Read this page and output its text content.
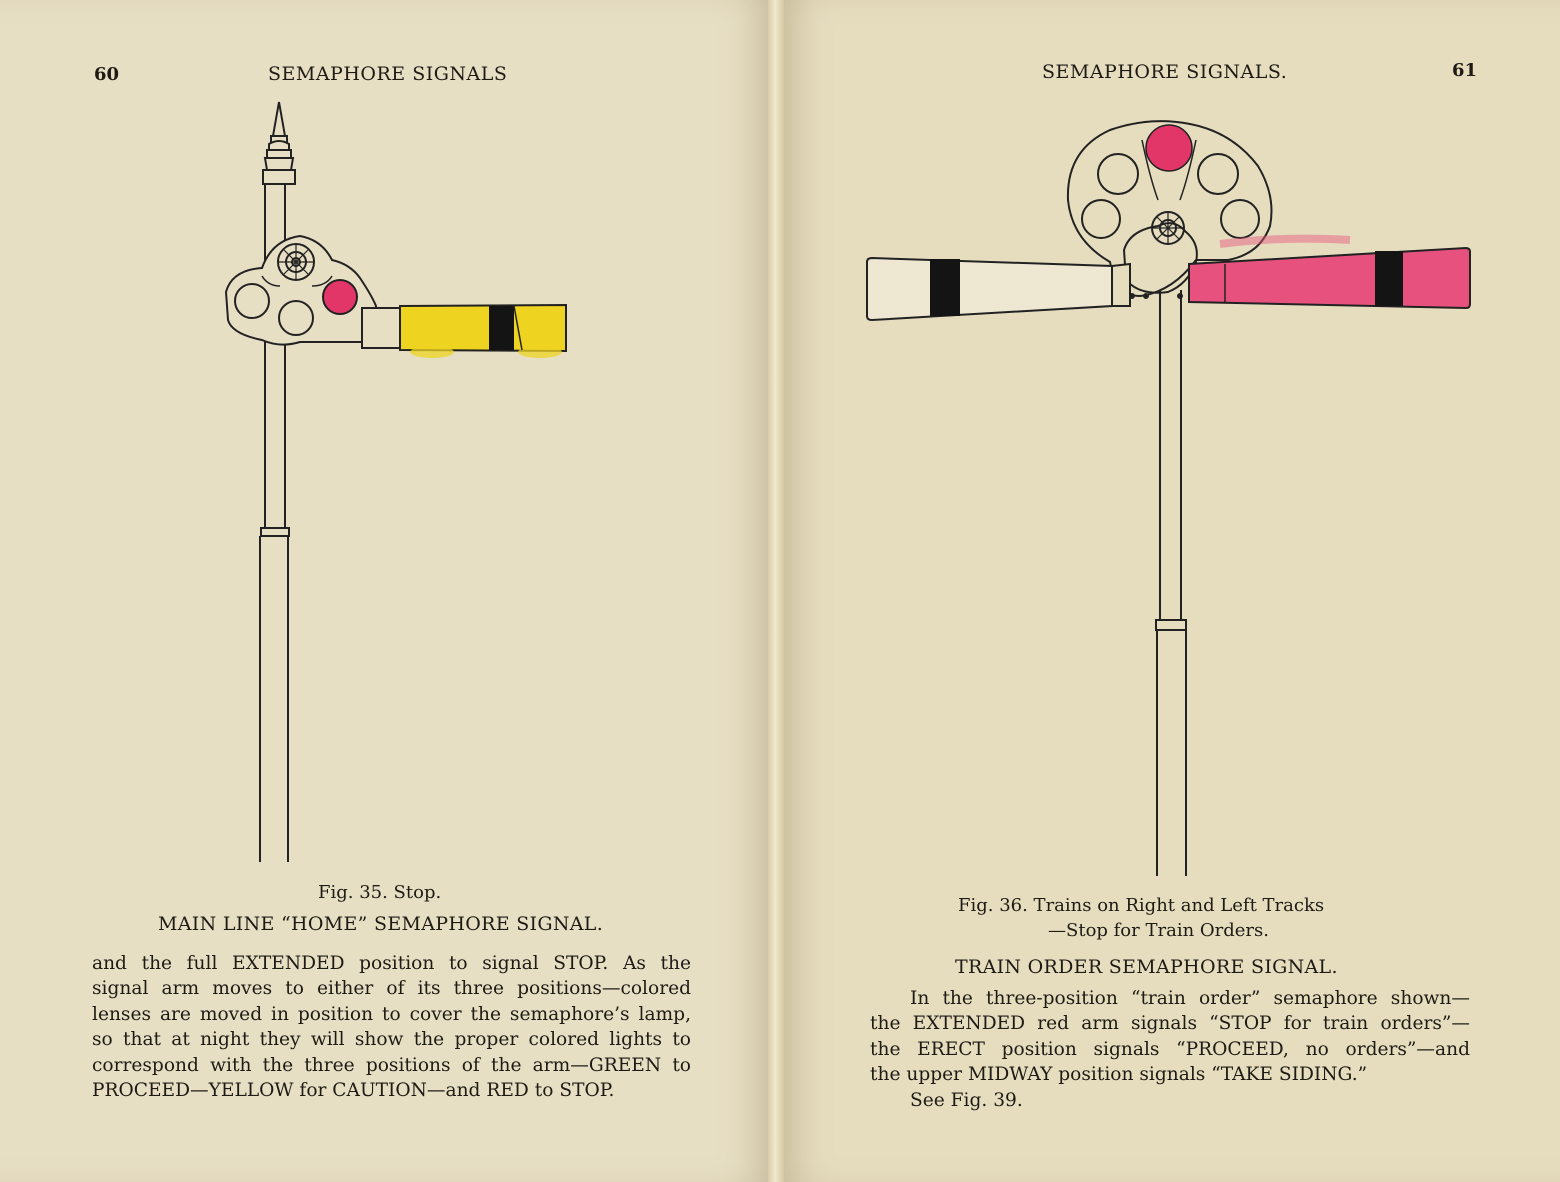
60	SEMAPHORE SIGNALS
Fig. 35. Stop.
MAIN LINE “HOME” SEMAPHORE SIGNAL.
and the full EXTENDED position to signal STOP. As the
signal arm moves to either of its three positions—colored
lenses are moved in position to cover the semaphore’s lamp,
so that at night they will show the proper colored lights to
correspond with the three positions of the arm—GREEN to
PROCEED—YELLOW for CAUTION—and RED to STOP.
SEMAPHORE SIGNALS.	61
Fig. 36. Trains on Right and Left Tracks
—Stop for Train Orders.
TRAIN ORDER SEMAPHORE SIGNAL.
In the three-position “train order” semaphore shown—
the EXTENDED red arm signals “STOP for train orders”—
the ERECT position signals “PROCEED, no orders”—and
the upper MIDWAY position signals “TAKE SIDING.”
See Fig. 39.
